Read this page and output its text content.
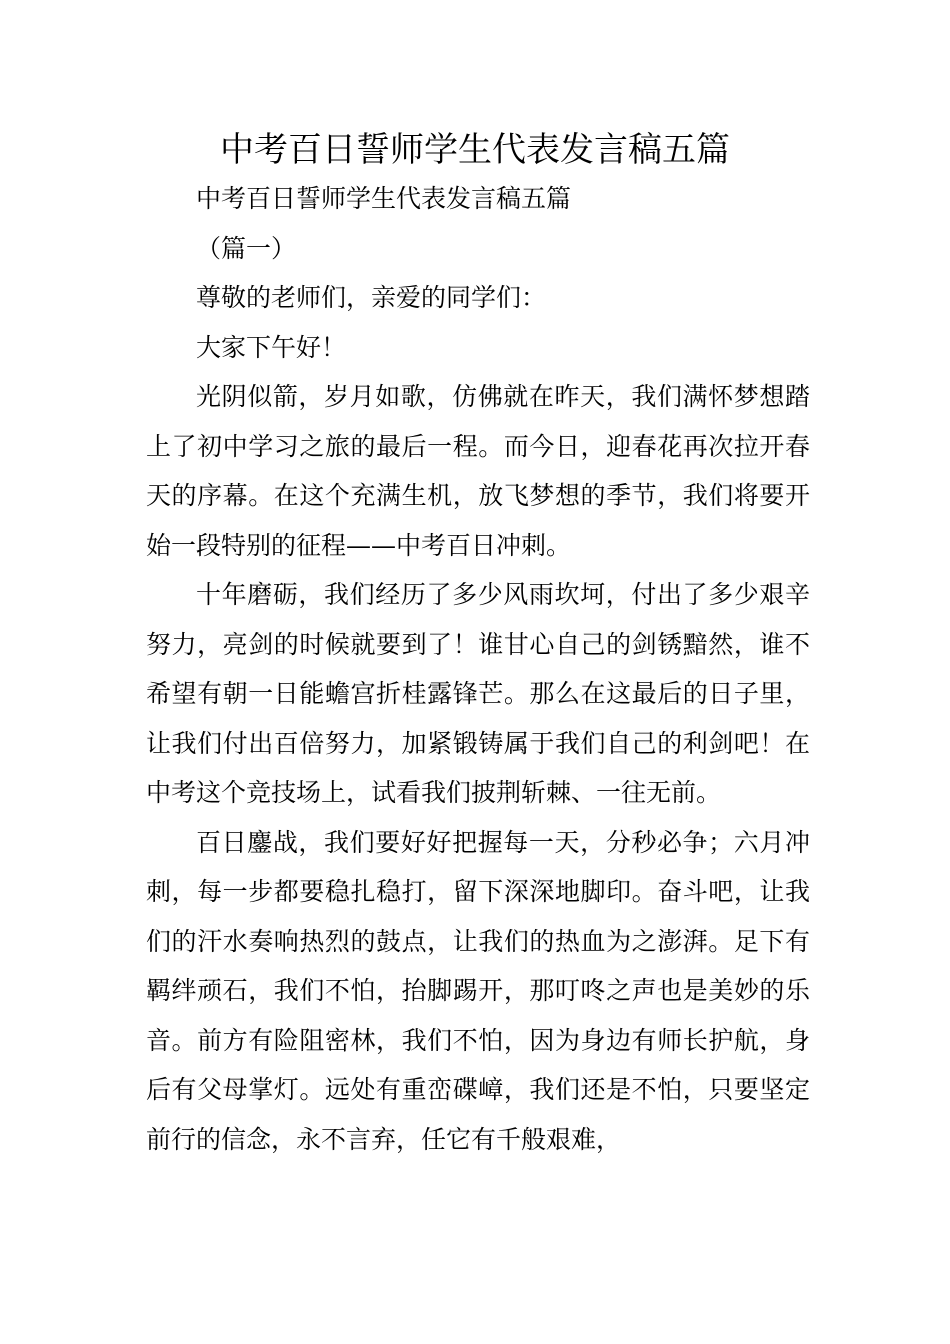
中考百日誓师学生代表发言稿五篇

中考百日誓师学生代表发言稿五篇

（篇一）

尊敬的老师们，亲爱的同学们：

大家下午好！

光阴似箭，岁月如歌，仿佛就在昨天，我们满怀梦想踏上了初中学习之旅的最后一程。而今日，迎春花再次拉开春天的序幕。在这个充满生机，放飞梦想的季节，我们将要开始一段特别的征程——中考百日冲刺。

十年磨砺，我们经历了多少风雨坎坷，付出了多少艰辛努力，亮剑的时候就要到了！谁甘心自己的剑锈黯然，谁不希望有朝一日能蟾宫折桂露锋芒。那么在这最后的日子里，让我们付出百倍努力，加紧锻铸属于我们自己的利剑吧！在中考这个竞技场上，试看我们披荆斩棘、一往无前。

百日鏖战，我们要好好把握每一天，分秒必争；六月冲刺，每一步都要稳扎稳打，留下深深地脚印。奋斗吧，让我们的汗水奏响热烈的鼓点，让我们的热血为之澎湃。足下有羁绊顽石，我们不怕，抬脚踢开，那叮咚之声也是美妙的乐音。前方有险阻密林，我们不怕，因为身边有师长护航，身后有父母掌灯。远处有重峦碟嶂，我们还是不怕，只要坚定前行的信念，永不言弃，任它有千般艰难，
